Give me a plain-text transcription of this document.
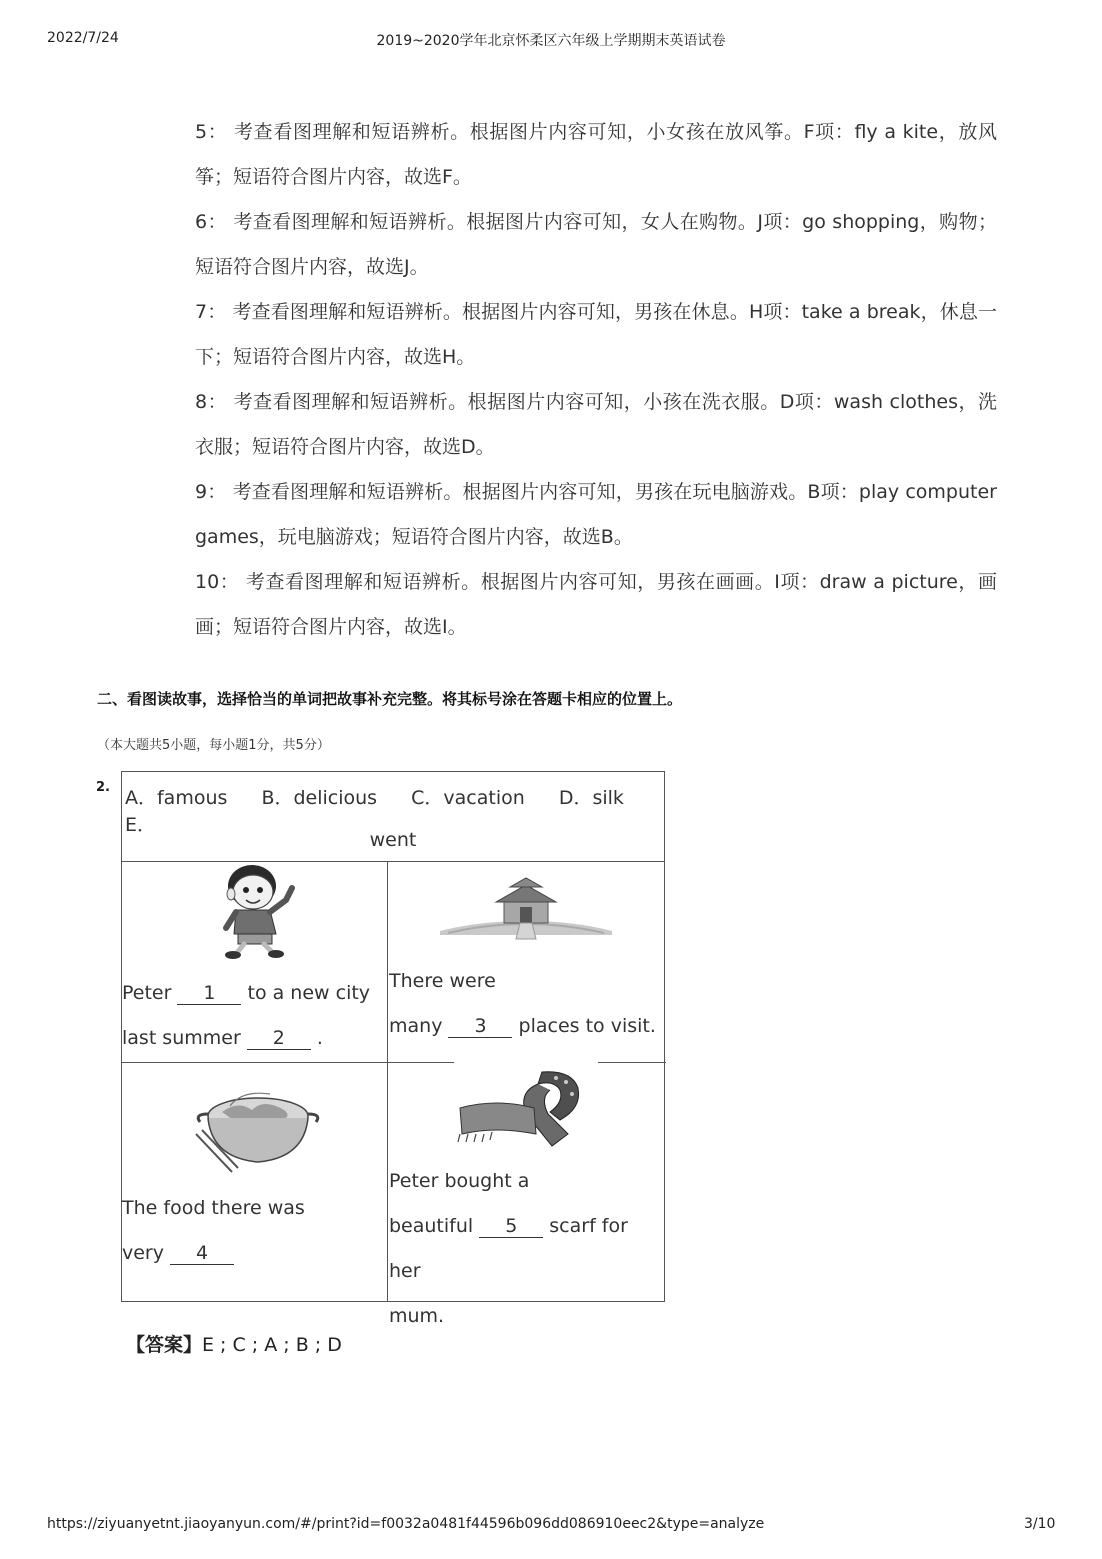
2022/7/24	2019~2020学年北京怀柔区六年级上学期期末英语试卷
5： 考查看图理解和短语辨析。根据图片内容可知，小女孩在放风筝。F项：fly a kite，放风筝；短语符合图片内容，故选F。
6： 考查看图理解和短语辨析。根据图片内容可知，女人在购物。J项：go shopping，购物；短语符合图片内容，故选J。
7： 考查看图理解和短语辨析。根据图片内容可知，男孩在休息。H项：take a break，休息一下；短语符合图片内容，故选H。
8： 考查看图理解和短语辨析。根据图片内容可知，小孩在洗衣服。D项：wash clothes，洗衣服；短语符合图片内容，故选D。
9： 考查看图理解和短语辨析。根据图片内容可知，男孩在玩电脑游戏。B项：play computer games，玩电脑游戏；短语符合图片内容，故选B。
10： 考查看图理解和短语辨析。根据图片内容可知，男孩在画画。I项：draw a picture，画画；短语符合图片内容，故选I。
二、看图读故事，选择恰当的单词把故事补充完整。将其标号涂在答题卡相应的位置上。
（本大题共5小题，每小题1分，共5分）
2. A．famous B．delicious C．vacation D．silk E．
went
Peter 1 to a new city
last summer 2 .
There were
many 3 places to visit.
The food there was
very 4
Peter bought a
beautiful 5 scarf for her
mum.
【答案】E ; C ; A ; B ; D
https://ziyuanyetnt.jiaoyanyun.com/#/print?id=f0032a0481f44596b096dd086910eec2&type=analyze	3/10
